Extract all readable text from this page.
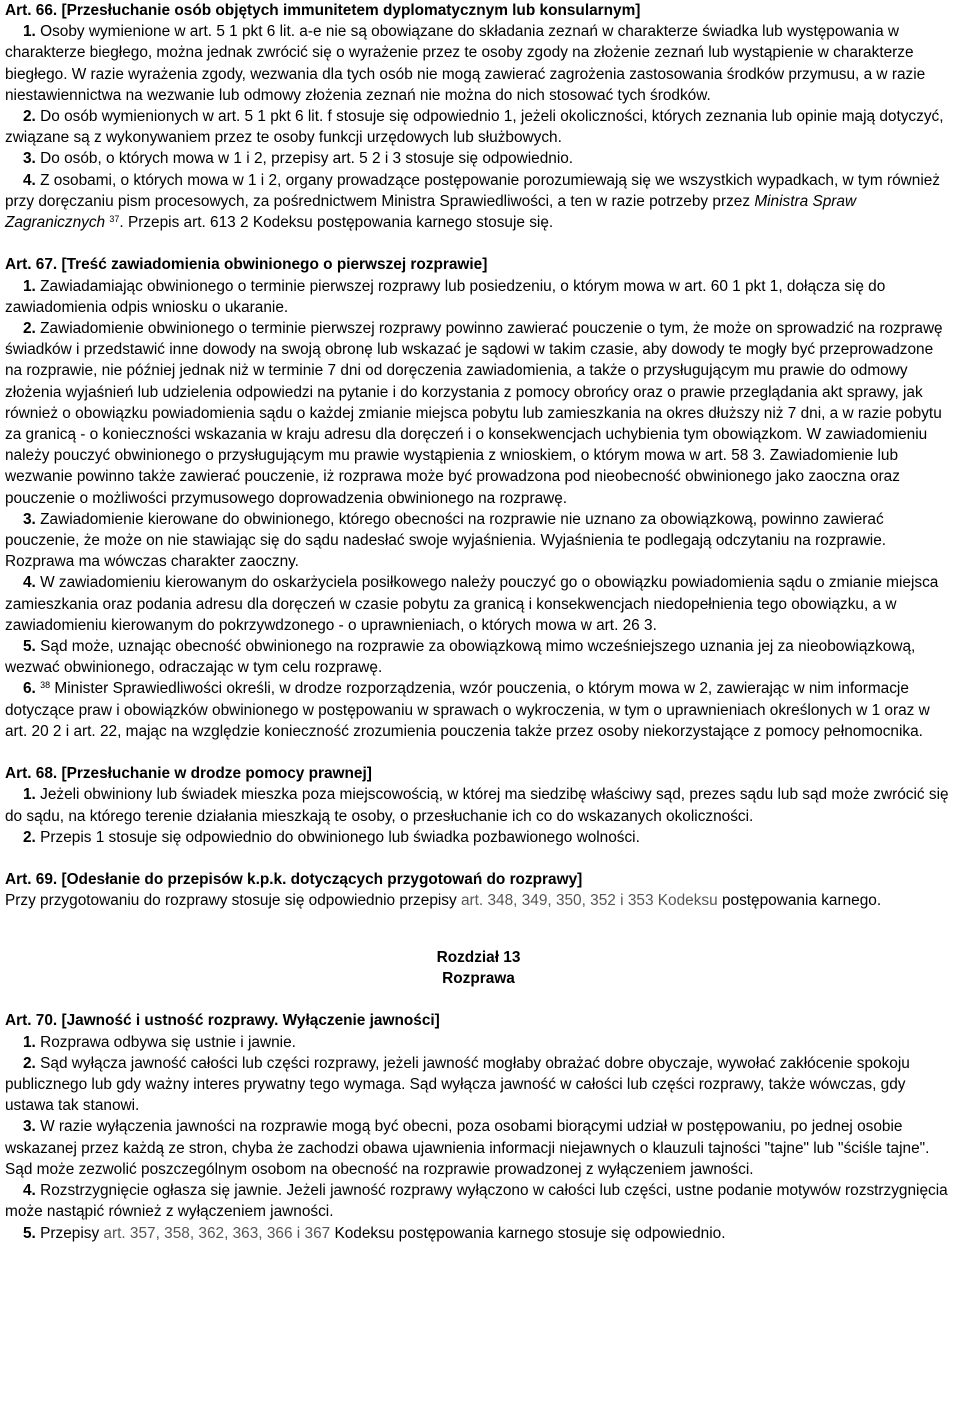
Art. 66. [Przesłuchanie osób objętych immunitetem dyplomatycznym lub konsularnym]

1. Osoby wymienione w art. 5 1 pkt 6 lit. a-e nie są obowiązane do składania zeznań w charakterze świadka lub występowania w charakterze biegłego, można jednak zwrócić się o wyrażenie przez te osoby zgody na złożenie zeznań lub wystąpienie w charakterze biegłego. W razie wyrażenia zgody, wezwania dla tych osób nie mogą zawierać zagrożenia zastosowania środków przymusu, a w razie niestawiennictwa na wezwanie lub odmowy złożenia zeznań nie można do nich stosować tych środków.

2. Do osób wymienionych w art. 5 1 pkt 6 lit. f stosuje się odpowiednio 1, jeżeli okoliczności, których zeznania lub opinie mają dotyczyć, związane są z wykonywaniem przez te osoby funkcji urzędowych lub służbowych.

3. Do osób, o których mowa w 1 i 2, przepisy art. 5 2 i 3 stosuje się odpowiednio.

4. Z osobami, o których mowa w 1 i 2, organy prowadzące postępowanie porozumiewają się we wszystkich wypadkach, w tym również przy doręczaniu pism procesowych, za pośrednictwem Ministra Sprawiedliwości, a ten w razie potrzeby przez Ministra Spraw Zagranicznych $^{37}$. Przepis art. 613 2 Kodeksu postępowania karnego stosuje się.

Art. 67. [Treść zawiadomienia obwinionego o pierwszej rozprawie]

1. Zawiadamiając obwinionego o terminie pierwszej rozprawy lub posiedzeniu, o którym mowa w art. 60 1 pkt 1, dołącza się do zawiadomienia odpis wniosku o ukaranie.

2. Zawiadomienie obwinionego o terminie pierwszej rozprawy powinno zawierać pouczenie o tym, że może on sprowadzić na rozprawę świadków i przedstawić inne dowody na swoją obronę lub wskazać je sądowi w takim czasie, aby dowody te mogły być przeprowadzone na rozprawie, nie później jednak niż w terminie 7 dni od doręczenia zawiadomienia, a także o przysługującym mu prawie do odmowy złożenia wyjaśnień lub udzielenia odpowiedzi na pytanie i do korzystania z pomocy obrońcy oraz o prawie przeglądania akt sprawy, jak również o obowiązku powiadomienia sądu o każdej zmianie miejsca pobytu lub zamieszkania na okres dłuższy niż 7 dni, a w razie pobytu za granicą - o konieczności wskazania w kraju adresu dla doręczeń i o konsekwencjach uchybienia tym obowiązkom. W zawiadomieniu należy pouczyć obwinionego o przysługującym mu prawie wystąpienia z wnioskiem, o którym mowa w art. 58 3. Zawiadomienie lub wezwanie powinno także zawierać pouczenie, iż rozprawa może być prowadzona pod nieobecność obwinionego jako zaoczna oraz pouczenie o możliwości przymusowego doprowadzenia obwinionego na rozprawę.

3. Zawiadomienie kierowane do obwinionego, którego obecności na rozprawie nie uznano za obowiązkową, powinno zawierać pouczenie, że może on nie stawiając się do sądu nadesłać swoje wyjaśnienia. Wyjaśnienia te podlegają odczytaniu na rozprawie. Rozprawa ma wówczas charakter zaoczny.

4. W zawiadomieniu kierowanym do oskarżyciela posiłkowego należy pouczyć go o obowiązku powiadomienia sądu o zmianie miejsca zamieszkania oraz podania adresu dla doręczeń w czasie pobytu za granicą i konsekwencjach niedopełnienia tego obowiązku, a w zawiadomieniu kierowanym do pokrzywdzonego - o uprawnieniach, o których mowa w art. 26 3.

5. Sąd może, uznając obecność obwinionego na rozprawie za obowiązkową mimo wcześniejszego uznania jej za nieobowiązkową, wezwać obwinionego, odraczając w tym celu rozprawę.

6. $^{38}$ Minister Sprawiedliwości określi, w drodze rozporządzenia, wzór pouczenia, o którym mowa w 2, zawierając w nim informacje dotyczące praw i obowiązków obwinionego w postępowaniu w sprawach o wykroczenia, w tym o uprawnieniach określonych w 1 oraz w art. 20 2 i art. 22, mając na względzie konieczność zrozumienia pouczenia także przez osoby niekorzystające z pomocy pełnomocnika.

Art. 68. [Przesłuchanie w drodze pomocy prawnej]

1. Jeżeli obwiniony lub świadek mieszka poza miejscowością, w której ma siedzibę właściwy sąd, prezes sądu lub sąd może zwrócić się do sądu, na którego terenie działania mieszkają te osoby, o przesłuchanie ich co do wskazanych okoliczności.

2. Przepis 1 stosuje się odpowiednio do obwinionego lub świadka pozbawionego wolności.

Art. 69. [Odesłanie do przepisów k.p.k. dotyczących przygotowań do rozprawy]

Przy przygotowaniu do rozprawy stosuje się odpowiednio przepisy art. 348, 349, 350, 352 i 353 Kodeksu postępowania karnego.

Rozdział 13

Rozprawa

Art. 70. [Jawność i ustność rozprawy. Wyłączenie jawności]

1. Rozprawa odbywa się ustnie i jawnie.

2. Sąd wyłącza jawność całości lub części rozprawy, jeżeli jawność mogłaby obrażać dobre obyczaje, wywołać zakłócenie spokoju publicznego lub gdy ważny interes prywatny tego wymaga. Sąd wyłącza jawność w całości lub części rozprawy, także wówczas, gdy ustawa tak stanowi.

3. W razie wyłączenia jawności na rozprawie mogą być obecni, poza osobami biorącymi udział w postępowaniu, po jednej osobie wskazanej przez każdą ze stron, chyba że zachodzi obawa ujawnienia informacji niejawnych o klauzuli tajności "tajne" lub "ściśle tajne". Sąd może zezwolić poszczególnym osobom na obecność na rozprawie prowadzonej z wyłączeniem jawności.

4. Rozstrzygnięcie ogłasza się jawnie. Jeżeli jawność rozprawy wyłączono w całości lub części, ustne podanie motywów rozstrzygnięcia może nastąpić również z wyłączeniem jawności.

5. Przepisy art. 357, 358, 362, 363, 366 i 367 Kodeksu postępowania karnego stosuje się odpowiednio.
